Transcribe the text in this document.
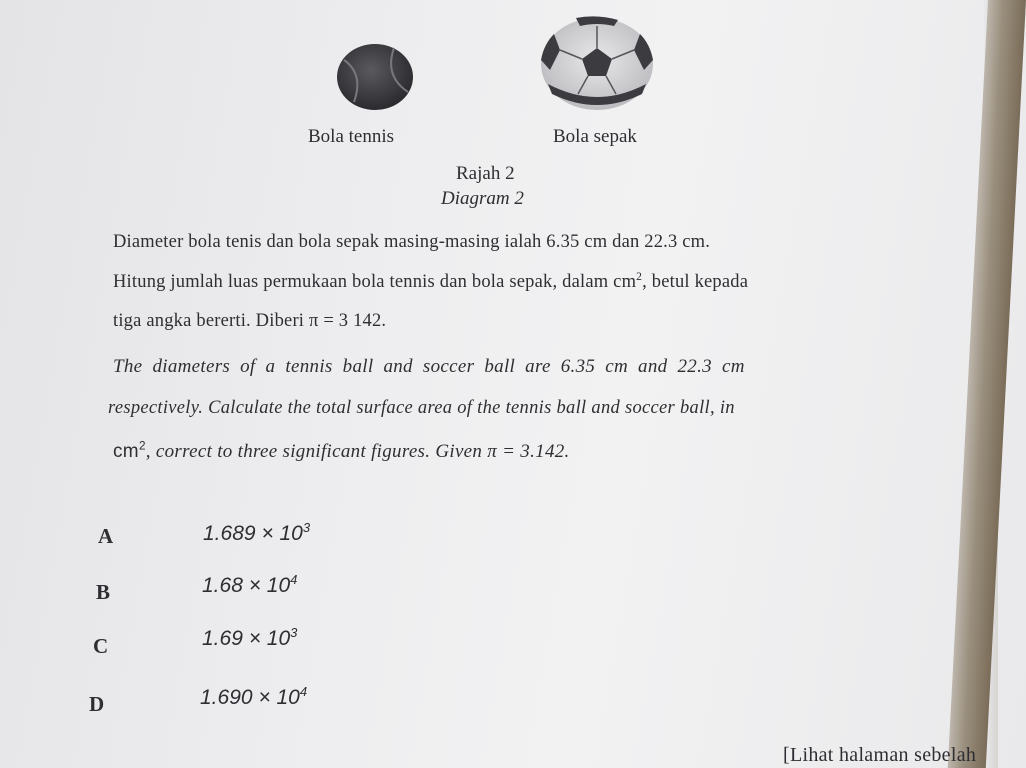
Bola tennis	Bola sepak
Rajah 2
Diagram 2
Diameter bola tenis dan bola sepak masing-masing ialah 6.35 cm dan 22.3 cm.
Hitung jumlah luas permukaan bola tennis dan bola sepak, dalam $cm^2$, betul kepada
tiga angka bererti. Diberi π = 3 142.
The diameters of a tennis ball and soccer ball are 6.35 cm and 22.3 cm
respectively. Calculate the total surface area of the tennis ball and soccer ball, in
$cm^2$, correct to three significant figures. Given π = 3.142.
A	$1.689 \times 10^3$
B	$1.68 \times 10^4$
C	$1.69 \times 10^3$
D	$1.690 \times 10^4$
[Lihat halaman sebelah
